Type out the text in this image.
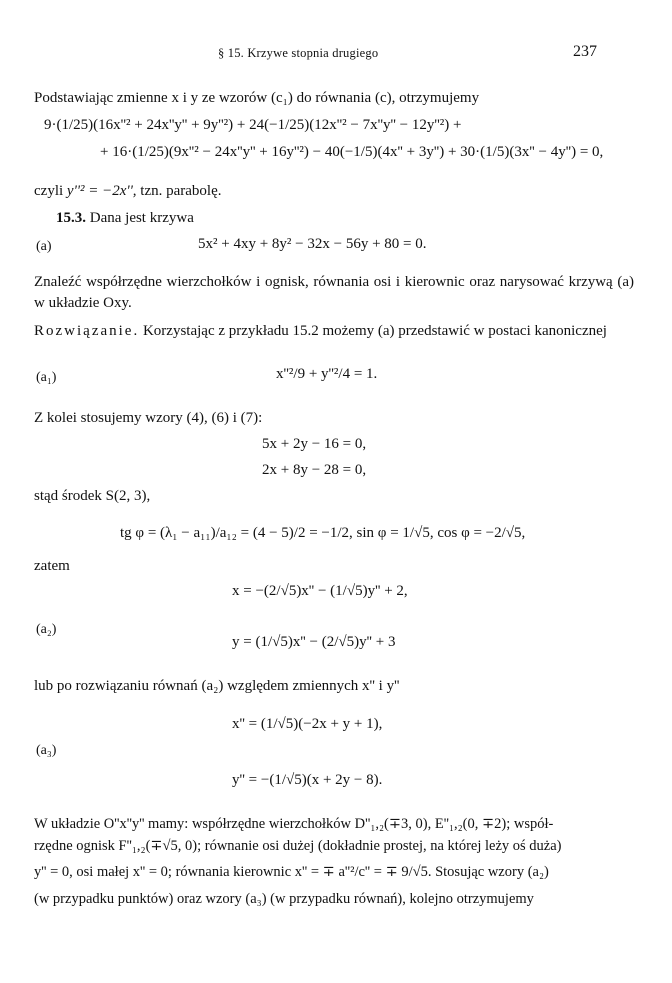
§ 15. Krzywe stopnia drugiego	237
Podstawiając zmienne x i y ze wzorów (c₁) do równania (c), otrzymujemy
9·(1/25)(16x''² + 24x''y'' + 9y''²) + 24(−1/25)(12x''² − 7x''y'' − 12y''²) +
+ 16·(1/25)(9x''² − 24x''y'' + 16y''²) − 40(−1/5)(4x'' + 3y'') + 30·(1/5)(3x'' − 4y'') = 0,
czyli y''² = −2x'', tzn. parabolę.
15.3. Dana jest krzywa
(a)	5x² + 4xy + 8y² − 32x − 56y + 80 = 0.
Znaleźć współrzędne wierzchołków i ognisk, równania osi i kierownic oraz narysować krzywą (a) w układzie Oxy.
Rozwiązanie. Korzystając z przykładu 15.2 możemy (a) przedstawić w postaci kanonicznej
(a₁)	x''²/9 + y''²/4 = 1.
Z kolei stosujemy wzory (4), (6) i (7):
5x + 2y − 16 = 0,
2x + 8y − 28 = 0,
stąd środek S(2, 3),
tg φ = (λ₁ − a₁₁)/a₁₂ = (4 − 5)/2 = −1/2, sin φ = 1/√5, cos φ = −2/√5,
zatem
(a₂)
x = −(2/√5)x'' − (1/√5)y'' + 2,
y = (1/√5)x'' − (2/√5)y'' + 3
lub po rozwiązaniu równań (a₂) względem zmiennych x'' i y''
(a₃)
x'' = (1/√5)(−2x + y + 1),
y'' = −(1/√5)(x + 2y − 8).
W układzie O''x''y'' mamy: współrzędne wierzchołków D''₁,₂(∓3, 0), E''₁,₂(0, ∓2); współ-
rzędne ognisk F''₁,₂(∓√5, 0); równanie osi dużej (dokładnie prostej, na której leży oś duża)
y'' = 0, osi małej x'' = 0; równania kierownic x'' = ∓ a''²/c'' = ∓ 9/√5. Stosując wzory (a₂)
(w przypadku punktów) oraz wzory (a₃) (w przypadku równań), kolejno otrzymujemy
